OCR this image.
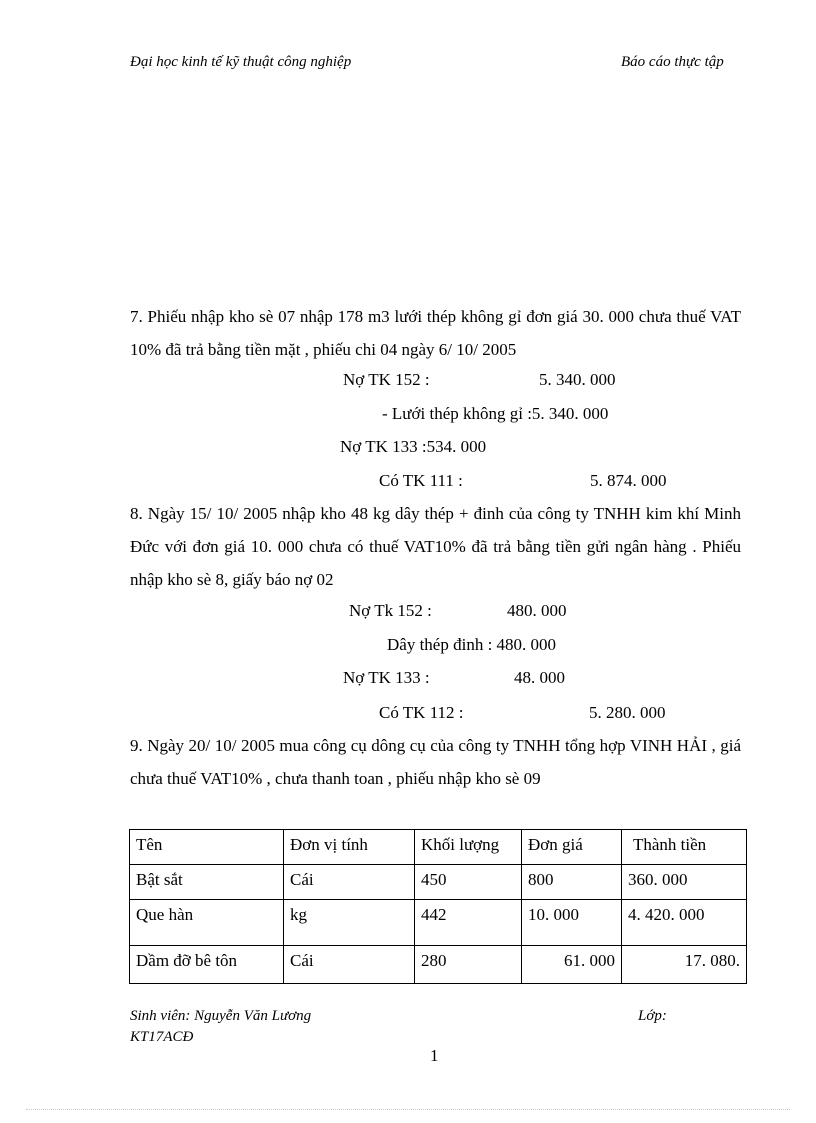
Đại học kinh tế kỹ thuật công nghiệp	Báo cáo thực tập
7. Phiếu nhập kho sè 07 nhập 178 m3 lưới thép không gỉ đơn giá 30. 000 chưa thuế VAT 10% đã trả bằng tiền mặt , phiếu chi 04 ngày 6/ 10/ 2005
Nợ TK 152 :	5. 340. 000
- Lưới thép không gỉ :5. 340. 000
Nợ TK 133 :534. 000
Có TK 111 :	5. 874. 000
8. Ngày 15/ 10/ 2005 nhập kho 48 kg dây thép + đinh của công ty TNHH kim khí Minh Đức với đơn giá 10. 000 chưa có thuế VAT10% đã trả bằng tiền gửi ngân hàng . Phiếu nhập kho sè 8, giấy báo nợ 02
Nợ Tk 152 :	480. 000
Dây thép đinh : 480. 000
Nợ TK 133 :	48. 000
Có TK 112 :	5. 280. 000
9. Ngày 20/ 10/ 2005 mua công cụ dông cụ của công ty TNHH tổng hợp VINH HẢI , giá chưa thuế VAT10% , chưa thanh toan , phiếu nhập kho sè 09
Tên	Đơn vị tính	Khối lượng	Đơn giá	Thành tiền
Bật sắt	Cái	450	800	360. 000
Que hàn	kg	442	10. 000	4. 420. 000
Dầm đỡ bê tôn	Cái	280	61. 000	17. 080.
Sinh viên: Nguyễn Văn Lương	Lớp:
KT17ACĐ
1
